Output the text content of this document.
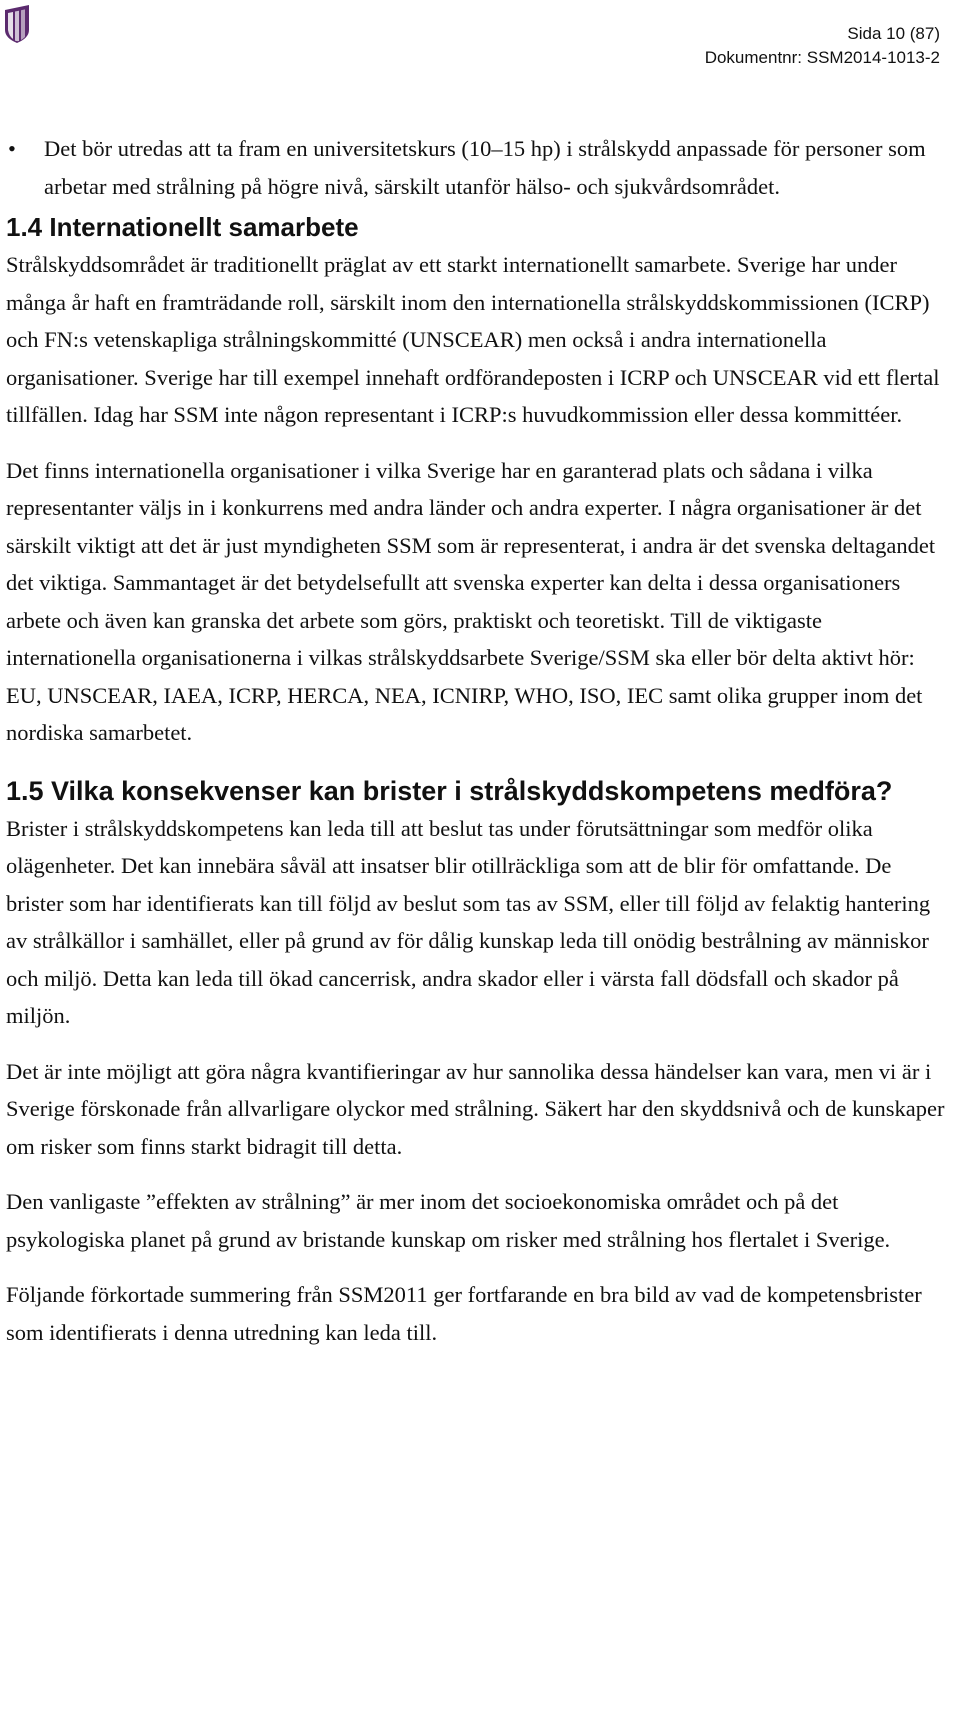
Sida 10 (87)
Dokumentnr: SSM2014-1013-2
• Det bör utredas att ta fram en universitetskurs (10–15 hp) i strålskydd anpassade för personer som arbetar med strålning på högre nivå, särskilt utanför hälso- och sjukvårdsområdet.
1.4 Internationellt samarbete

Strålskyddsområdet är traditionellt präglat av ett starkt internationellt samarbete. Sverige har under många år haft en framträdande roll, särskilt inom den internationella strålskyddskommissionen (ICRP) och FN:s vetenskapliga strålningskommitté (UNSCEAR) men också i andra internationella organisationer. Sverige har till exempel innehaft ordförandeposten i ICRP och UNSCEAR vid ett flertal tillfällen. Idag har SSM inte någon representant i ICRP:s huvudkommission eller dessa kommittéer.

Det finns internationella organisationer i vilka Sverige har en garanterad plats och sådana i vilka representanter väljs in i konkurrens med andra länder och andra experter. I några organisationer är det särskilt viktigt att det är just myndigheten SSM som är representerat, i andra är det svenska deltagandet det viktiga. Sammantaget är det betydelsefullt att svenska experter kan delta i dessa organisationers arbete och även kan granska det arbete som görs, praktiskt och teoretiskt. Till de viktigaste internationella organisationerna i vilkas strålskyddsarbete Sverige/SSM ska eller bör delta aktivt hör: EU, UNSCEAR, IAEA, ICRP, HERCA, NEA, ICNIRP, WHO, ISO, IEC samt olika grupper inom det nordiska samarbetet.

1.5 Vilka konsekvenser kan brister i strålskyddskompetens medföra?

Brister i strålskyddskompetens kan leda till att beslut tas under förutsättningar som medför olika olägenheter. Det kan innebära såväl att insatser blir otillräckliga som att de blir för omfattande. De brister som har identifierats kan till följd av beslut som tas av SSM, eller till följd av felaktig hantering av strålkällor i samhället, eller på grund av för dålig kunskap leda till onödig bestrålning av människor och miljö. Detta kan leda till ökad cancerrisk, andra skador eller i värsta fall dödsfall och skador på miljön.

Det är inte möjligt att göra några kvantifieringar av hur sannolika dessa händelser kan vara, men vi är i Sverige förskonade från allvarligare olyckor med strålning. Säkert har den skyddsnivå och de kunskaper om risker som finns starkt bidragit till detta.

Den vanligaste ”effekten av strålning” är mer inom det socioekonomiska området och på det psykologiska planet på grund av bristande kunskap om risker med strålning hos flertalet i Sverige.

Följande förkortade summering från SSM2011 ger fortfarande en bra bild av vad de kompetensbrister som identifierats i denna utredning kan leda till.
